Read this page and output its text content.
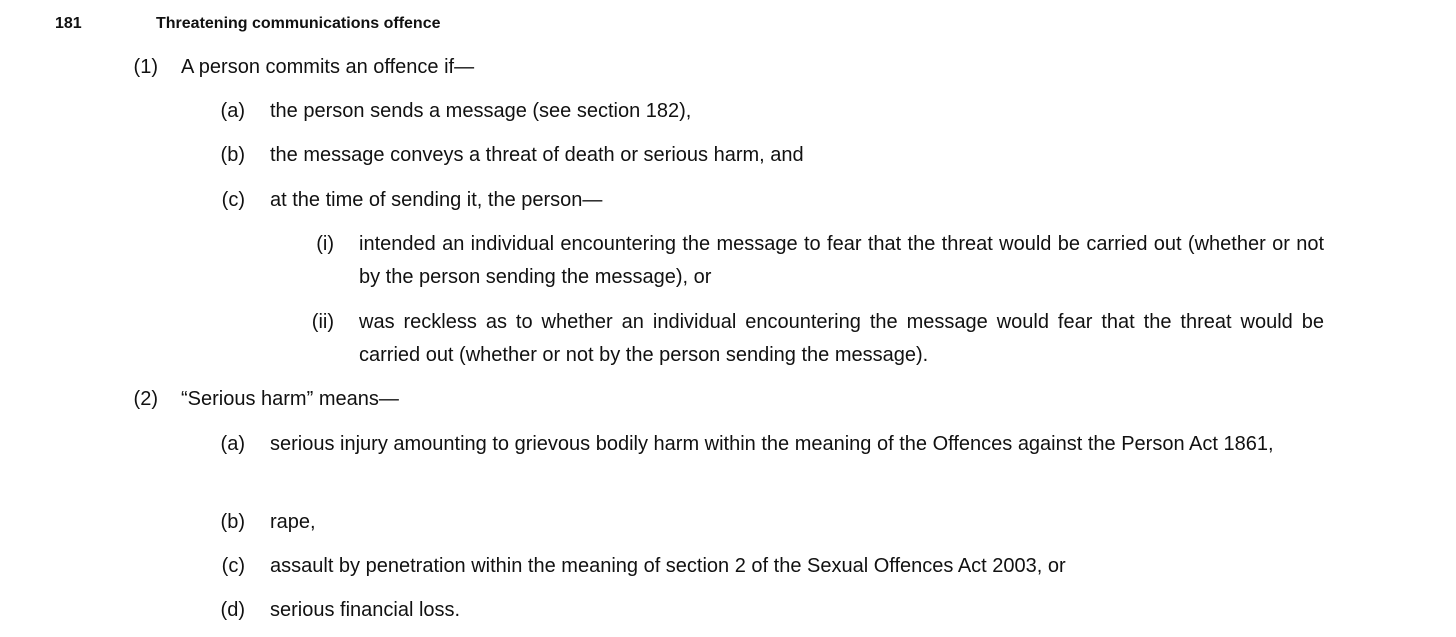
181	Threatening communications offence
(1) A person commits an offence if—
(a) the person sends a message (see section 182),
(b) the message conveys a threat of death or serious harm, and
(c) at the time of sending it, the person—
(i) intended an individual encountering the message to fear that the threat would be carried out (whether or not by the person sending the message), or
(ii) was reckless as to whether an individual encountering the message would fear that the threat would be carried out (whether or not by the person sending the message).
(2) “Serious harm” means—
(a) serious injury amounting to grievous bodily harm within the meaning of the Offences against the Person Act 1861,
(b) rape,
(c) assault by penetration within the meaning of section 2 of the Sexual Offences Act 2003, or
(d) serious financial loss.
